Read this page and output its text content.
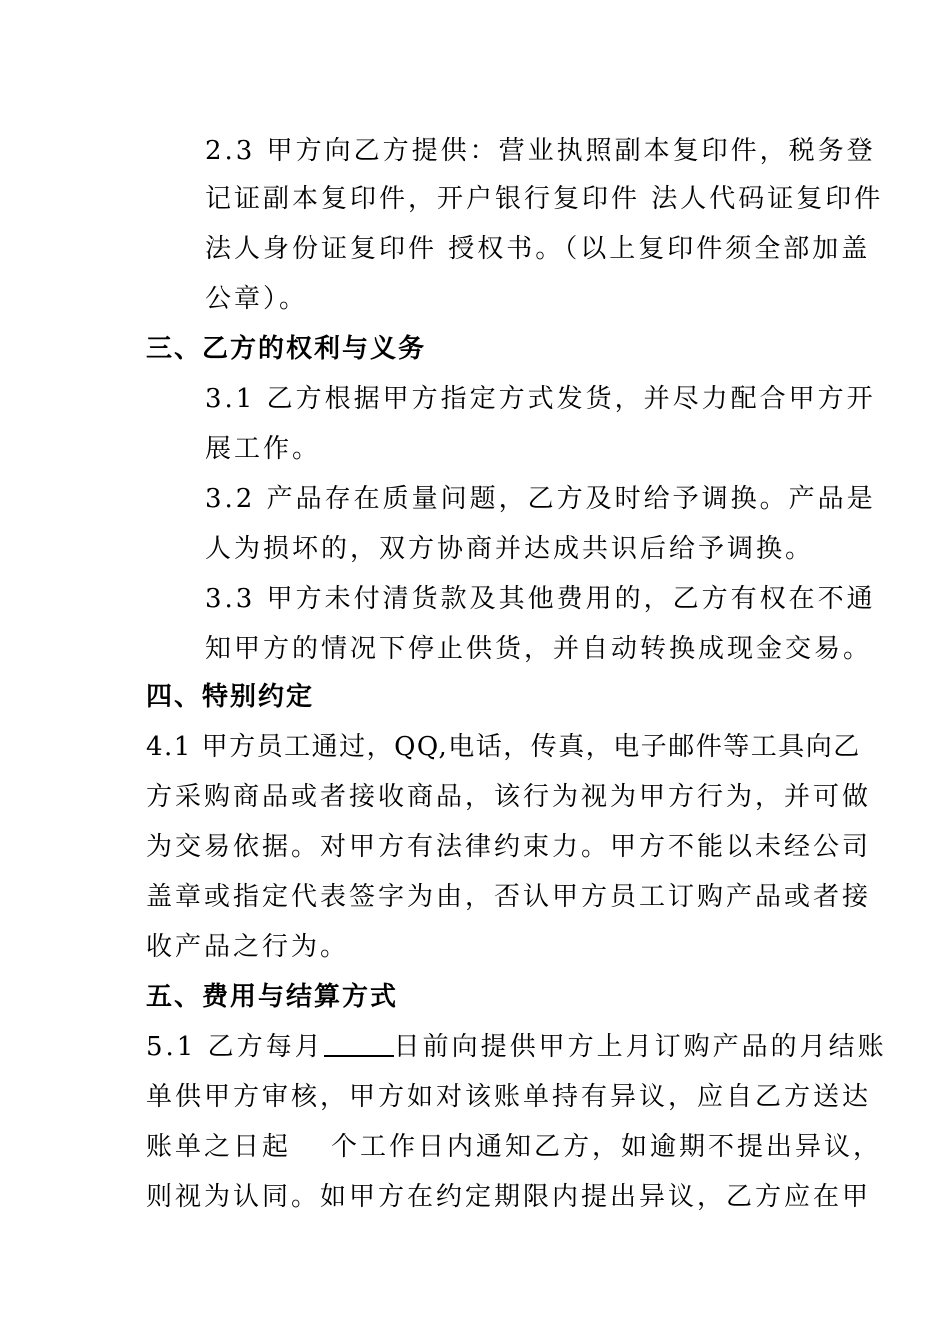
2.3 甲方向乙方提供：营业执照副本复印件，税务登
记证副本复印件，开户银行复印件 法人代码证复印件
法人身份证复印件 授权书。（以上复印件须全部加盖
公章）。
三、乙方的权利与义务
3.1 乙方根据甲方指定方式发货，并尽力配合甲方开
展工作。
3.2 产品存在质量问题，乙方及时给予调换。产品是
人为损坏的，双方协商并达成共识后给予调换。
3.3 甲方未付清货款及其他费用的，乙方有权在不通
知甲方的情况下停止供货，并自动转换成现金交易。
四、特别约定
4.1 甲方员工通过，QQ,电话，传真，电子邮件等工具向乙
方采购商品或者接收商品，该行为视为甲方行为，并可做
为交易依据。对甲方有法律约束力。甲方不能以未经公司
盖章或指定代表签字为由，否认甲方员工订购产品或者接
收产品之行为。
五、费用与结算方式
5.1 乙方每月	日前向提供甲方上月订购产品的月结账
单供甲方审核，甲方如对该账单持有异议，应自乙方送达
账单之日起 个工作日内通知乙方，如逾期不提出异议，
则视为认同。如甲方在约定期限内提出异议，乙方应在甲
